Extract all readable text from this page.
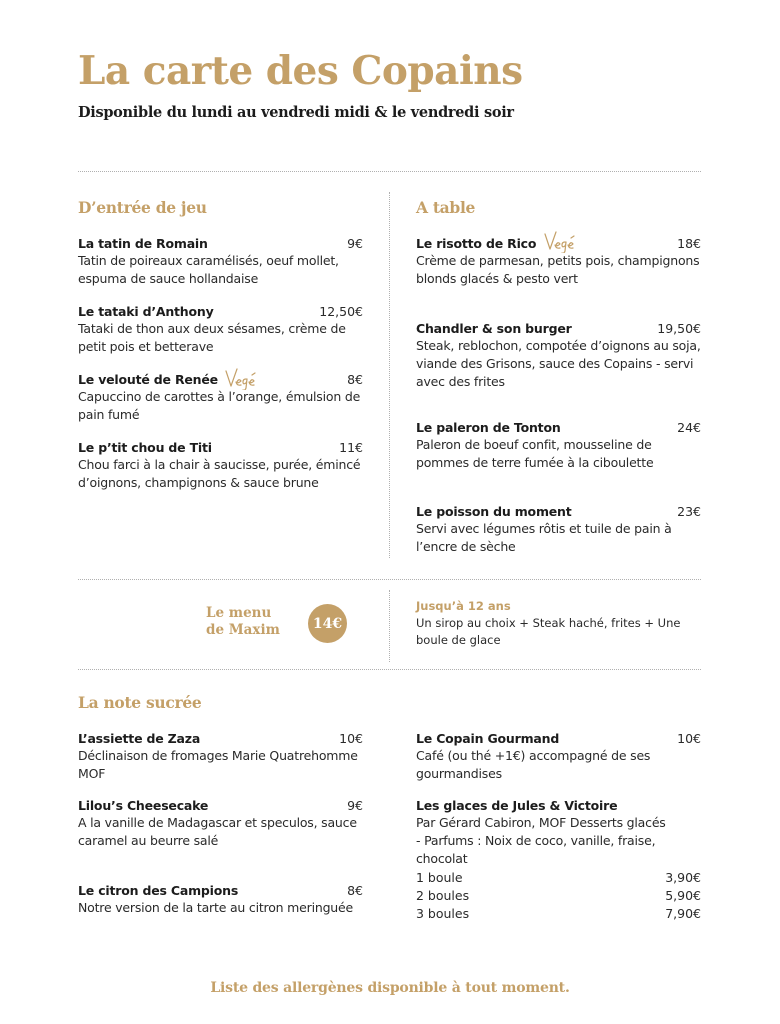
La carte des Copains
Disponible du lundi au vendredi midi & le vendredi soir
D’entrée de jeu
La tatin de Romain	9€
Tatin de poireaux caramélisés, oeuf mollet, espuma de sauce hollandaise
Le tataki d’Anthony	12,50€
Tataki de thon aux deux sésames, crème de petit pois et betterave
Le velouté de Renée	8€
Capuccino de carottes à l’orange, émulsion de pain fumé
Le p’tit chou de Titi	11€
Chou farci à la chair à saucisse, purée, émincé d’oignons, champignons & sauce brune
A table
Le risotto de Rico	18€
Crème de parmesan, petits pois, champignons blonds glacés & pesto vert
Chandler & son burger	19,50€
Steak, reblochon, compotée d’oignons au soja, viande des Grisons, sauce des Copains - servi avec des frites
Le paleron de Tonton	24€
Paleron de boeuf confit, mousseline de pommes de terre fumée à la ciboulette
Le poisson du moment	23€
Servi avec légumes rôtis et tuile de pain à l’encre de sèche
Le menu
de Maxim	14€
Jusqu’à 12 ans
Un sirop au choix + Steak haché, frites + Une boule de glace
La note sucrée
L’assiette de Zaza	10€
Déclinaison de fromages Marie Quatrehomme MOF
Lilou’s Cheesecake	9€
A la vanille de Madagascar et speculos, sauce caramel au beurre salé
Le citron des Campions	8€
Notre version de la tarte au citron meringuée
Le Copain Gourmand	10€
Café (ou thé +1€) accompagné de ses gourmandises
Les glaces de Jules & Victoire
Par Gérard Cabiron, MOF Desserts glacés - Parfums : Noix de coco, vanille, fraise, chocolat
1 boule	3,90€
2 boules	5,90€
3 boules	7,90€
Liste des allergènes disponible à tout moment.
